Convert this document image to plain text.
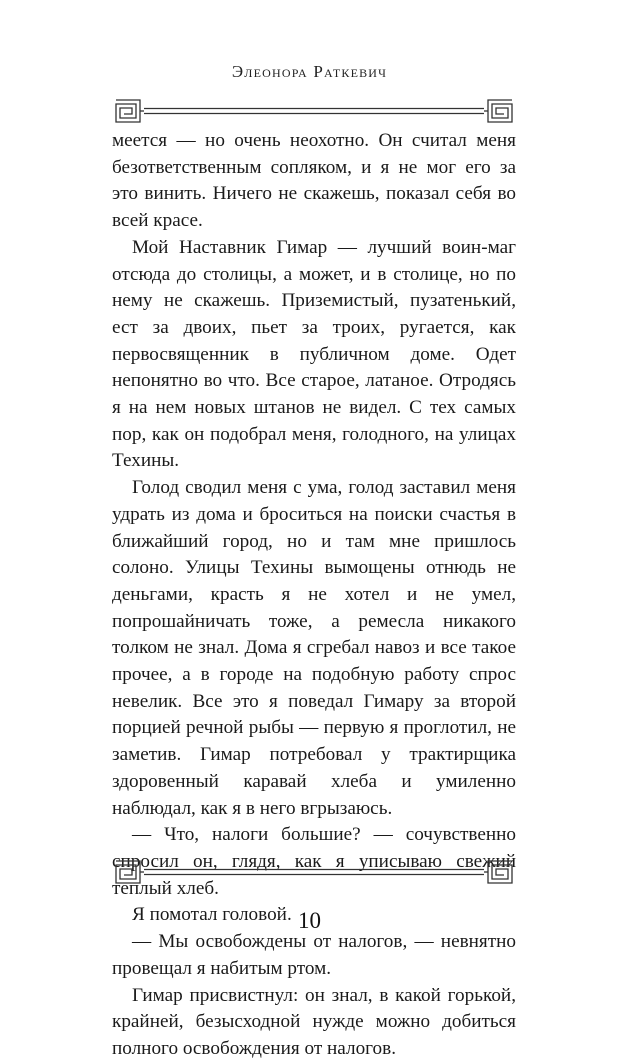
Элеонора Раткевич

меется — но очень неохотно. Он считал меня безответственным сопляком, и я не мог его за это винить. Ничего не скажешь, показал себя во всей красе.

Мой Наставник Гимар — лучший воин-маг отсюда до столицы, а может, и в столице, но по нему не скажешь. Приземистый, пузатенький, ест за двоих, пьет за троих, ругается, как первосвященник в публичном доме. Одет непонятно во что. Все старое, латаное. Отродясь я на нем новых штанов не видел. С тех самых пор, как он подобрал меня, голодного, на улицах Техины.

Голод сводил меня с ума, голод заставил меня удрать из дома и броситься на поиски счастья в ближайший город, но и там мне пришлось солоно. Улицы Техины вымощены отнюдь не деньгами, красть я не хотел и не умел, попрошайничать тоже, а ремесла никакого толком не знал. Дома я сгребал навоз и все такое прочее, а в городе на подобную работу спрос невелик. Все это я поведал Гимару за второй порцией речной рыбы — первую я проглотил, не заметив. Гимар потребовал у трактирщика здоровенный каравай хлеба и умиленно наблюдал, как я в него вгрызаюсь.

— Что, налоги большие? — сочувственно спросил он, глядя, как я уписываю свежий теплый хлеб.

Я помотал головой.

— Мы освобождены от налогов, — невнятно провещал я набитым ртом.

Гимар присвистнул: он знал, в какой горькой, крайней, безысходной нужде можно добиться полного освобождения от налогов.

10
